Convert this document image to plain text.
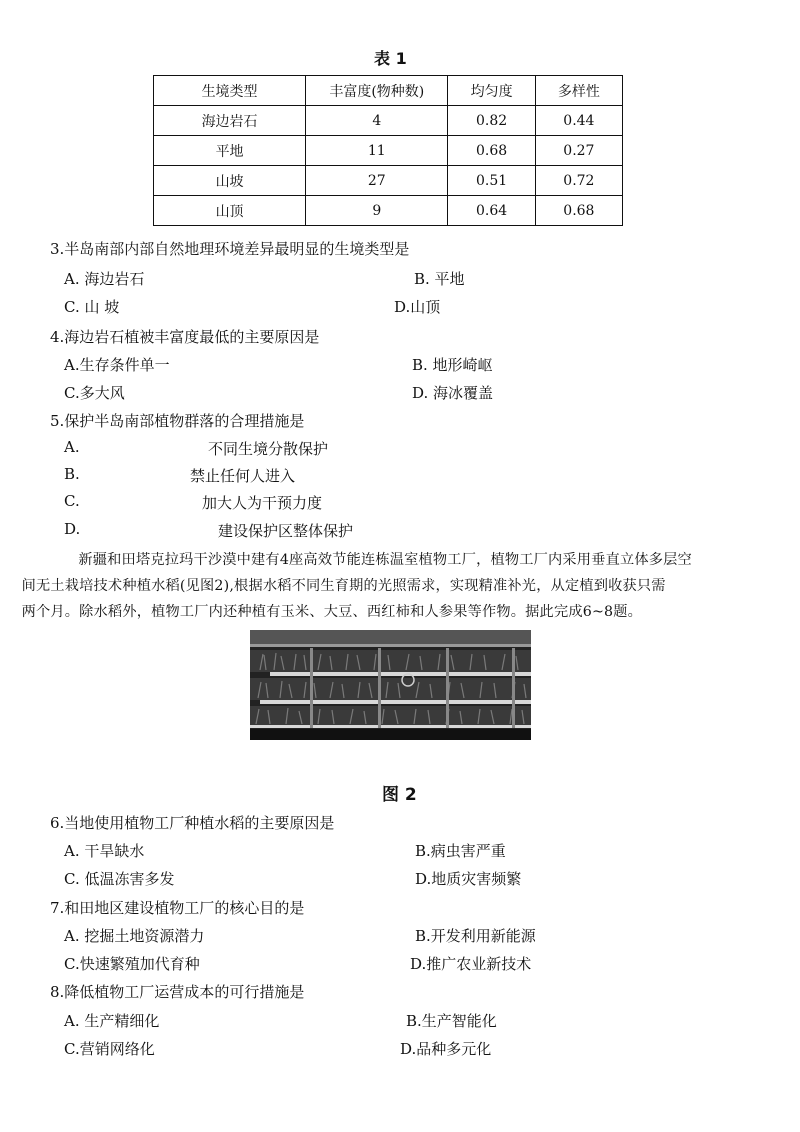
表 1
生境类型	丰富度(物种数)	均匀度	多样性
海边岩石	4	0.82	0.44
平地	11	0.68	0.27
山坡	27	0.51	0.72
山顶	9	0.64	0.68
3.半岛南部内部自然地理环境差异最明显的生境类型是
A. 海边岩石	B. 平地
C. 山 坡	D.山顶
4.海边岩石植被丰富度最低的主要原因是
A.生存条件单一	B. 地形崎岖
C.多大风	D. 海冰覆盖
5.保护半岛南部植物群落的合理措施是
A.	不同生境分散保护
B.	禁止任何人进入
C.	加大人为干预力度
D.	建设保护区整体保护
新疆和田塔克拉玛干沙漠中建有4座高效节能连栋温室植物工厂，植物工厂内采用垂直立体多层空
间无土栽培技术种植水稻(见图2),根据水稻不同生育期的光照需求，实现精准补光，从定植到收获只需
两个月。除水稻外，植物工厂内还种植有玉米、大豆、西红柿和人参果等作物。据此完成6~8题。
图 2
6.当地使用植物工厂种植水稻的主要原因是
A. 干旱缺水	B.病虫害严重
C. 低温冻害多发	D.地质灾害频繁
7.和田地区建设植物工厂的核心目的是
A. 挖掘土地资源潜力	B.开发利用新能源
C.快速繁殖加代育种	D.推广农业新技术
8.降低植物工厂运营成本的可行措施是
A. 生产精细化	B.生产智能化
C.营销网络化	D.品种多元化
